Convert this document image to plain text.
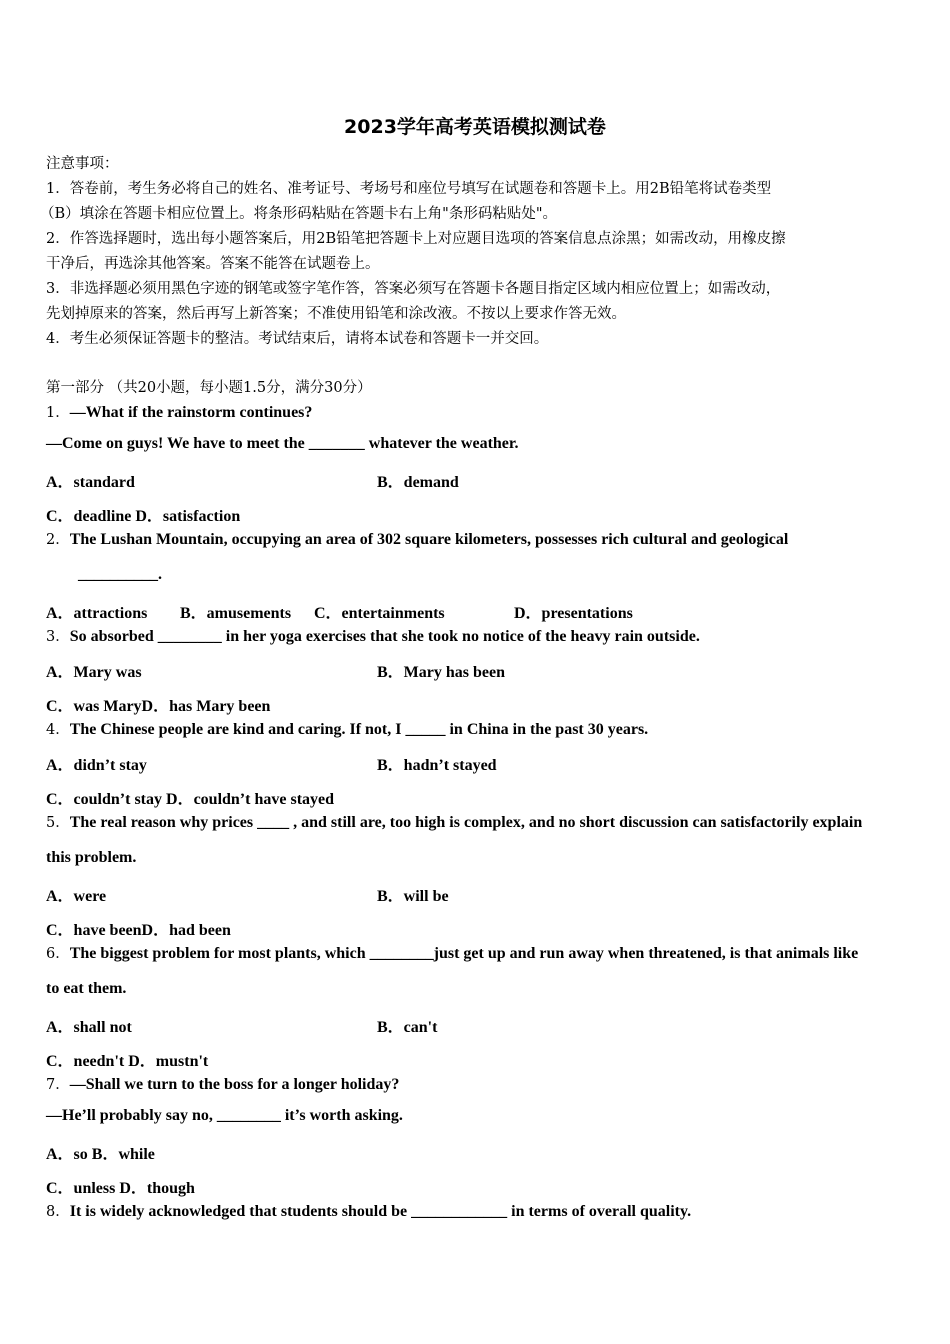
2023学年高考英语模拟测试卷
注意事项：
1．答卷前，考生务必将自己的姓名、准考证号、考场号和座位号填写在试题卷和答题卡上。用2B铅笔将试卷类型
（B）填涂在答题卡相应位置上。将条形码粘贴在答题卡右上角"条形码粘贴处"。
2．作答选择题时，选出每小题答案后，用2B铅笔把答题卡上对应题目选项的答案信息点涂黑；如需改动，用橡皮擦
干净后，再选涂其他答案。答案不能答在试题卷上。
3．非选择题必须用黑色字迹的钢笔或签字笔作答，答案必须写在答题卡各题目指定区域内相应位置上；如需改动，
先划掉原来的答案，然后再写上新答案；不准使用铅笔和涂改液。不按以上要求作答无效。
4．考生必须保证答题卡的整洁。考试结束后，请将本试卷和答题卡一并交回。
第一部分 （共20小题，每小题1.5分，满分30分）
1．—What if the rainstorm continues?
—Come on guys! We have to meet the _______ whatever the weather.
A．standard	B．demand
C．deadline D．satisfaction
2．The Lushan Mountain, occupying an area of 302 square kilometers, possesses rich cultural and geological
__________.
A．attractions B．amusements C．entertainments	D．presentations
3．So absorbed ________ in her yoga exercises that she took no notice of the heavy rain outside.
A．Mary was	B．Mary has been
C．was MaryD．has Mary been
4．The Chinese people are kind and caring. If not, I _____ in China in the past 30 years.
A．didn’t stay	B．hadn’t stayed
C．couldn’t stay D．couldn’t have stayed
5．The real reason why prices ____ , and still are, too high is complex, and no short discussion can satisfactorily explain
this problem.
A．were	B．will be
C．have beenD．had been
6．The biggest problem for most plants, which ________just get up and run away when threatened, is that animals like
to eat them.
A．shall not	B．can't
C．needn't D．mustn't
7．—Shall we turn to the boss for a longer holiday?
—He’ll probably say no, ________ it’s worth asking.
A．so B．while
C．unless D．though
8．It is widely acknowledged that students should be ____________ in terms of overall quality.
